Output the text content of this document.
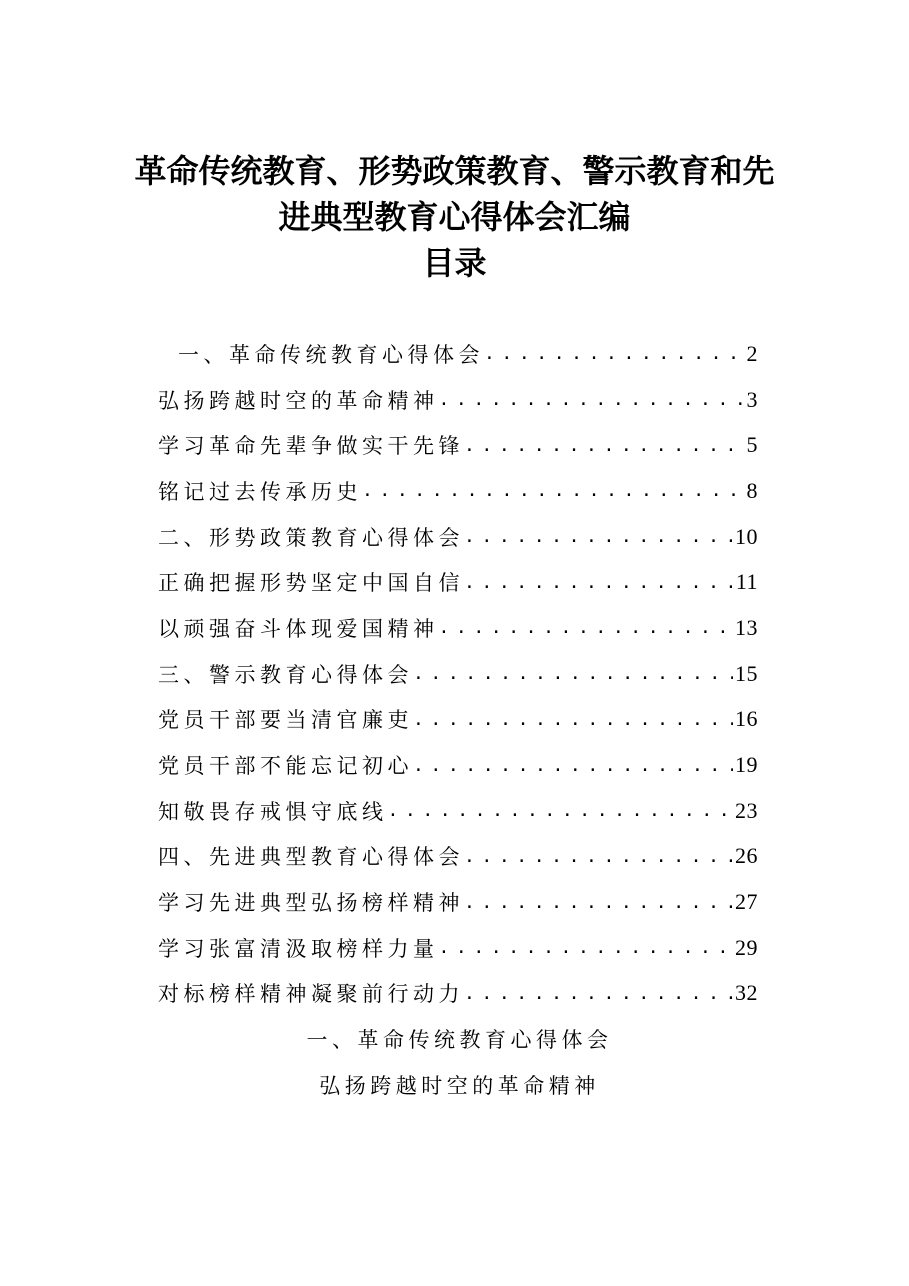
革命传统教育、形势政策教育、警示教育和先
进典型教育心得体会汇编
目录
一、革命传统教育心得体会 .....	2
弘扬跨越时空的革命精神 .....	3
学习革命先辈争做实干先锋 .....	5
铭记过去传承历史 .....	8
二、形势政策教育心得体会 .....	10
正确把握形势坚定中国自信 .....	11
以顽强奋斗体现爱国精神 .....	13
三、警示教育心得体会 .....	15
党员干部要当清官廉吏 .....	16
党员干部不能忘记初心 .....	19
知敬畏存戒惧守底线 .....	23
四、先进典型教育心得体会 .....	26
学习先进典型弘扬榜样精神 .....	27
学习张富清汲取榜样力量 .....	29
对标榜样精神凝聚前行动力 .....	32
一、革命传统教育心得体会
弘扬跨越时空的革命精神
